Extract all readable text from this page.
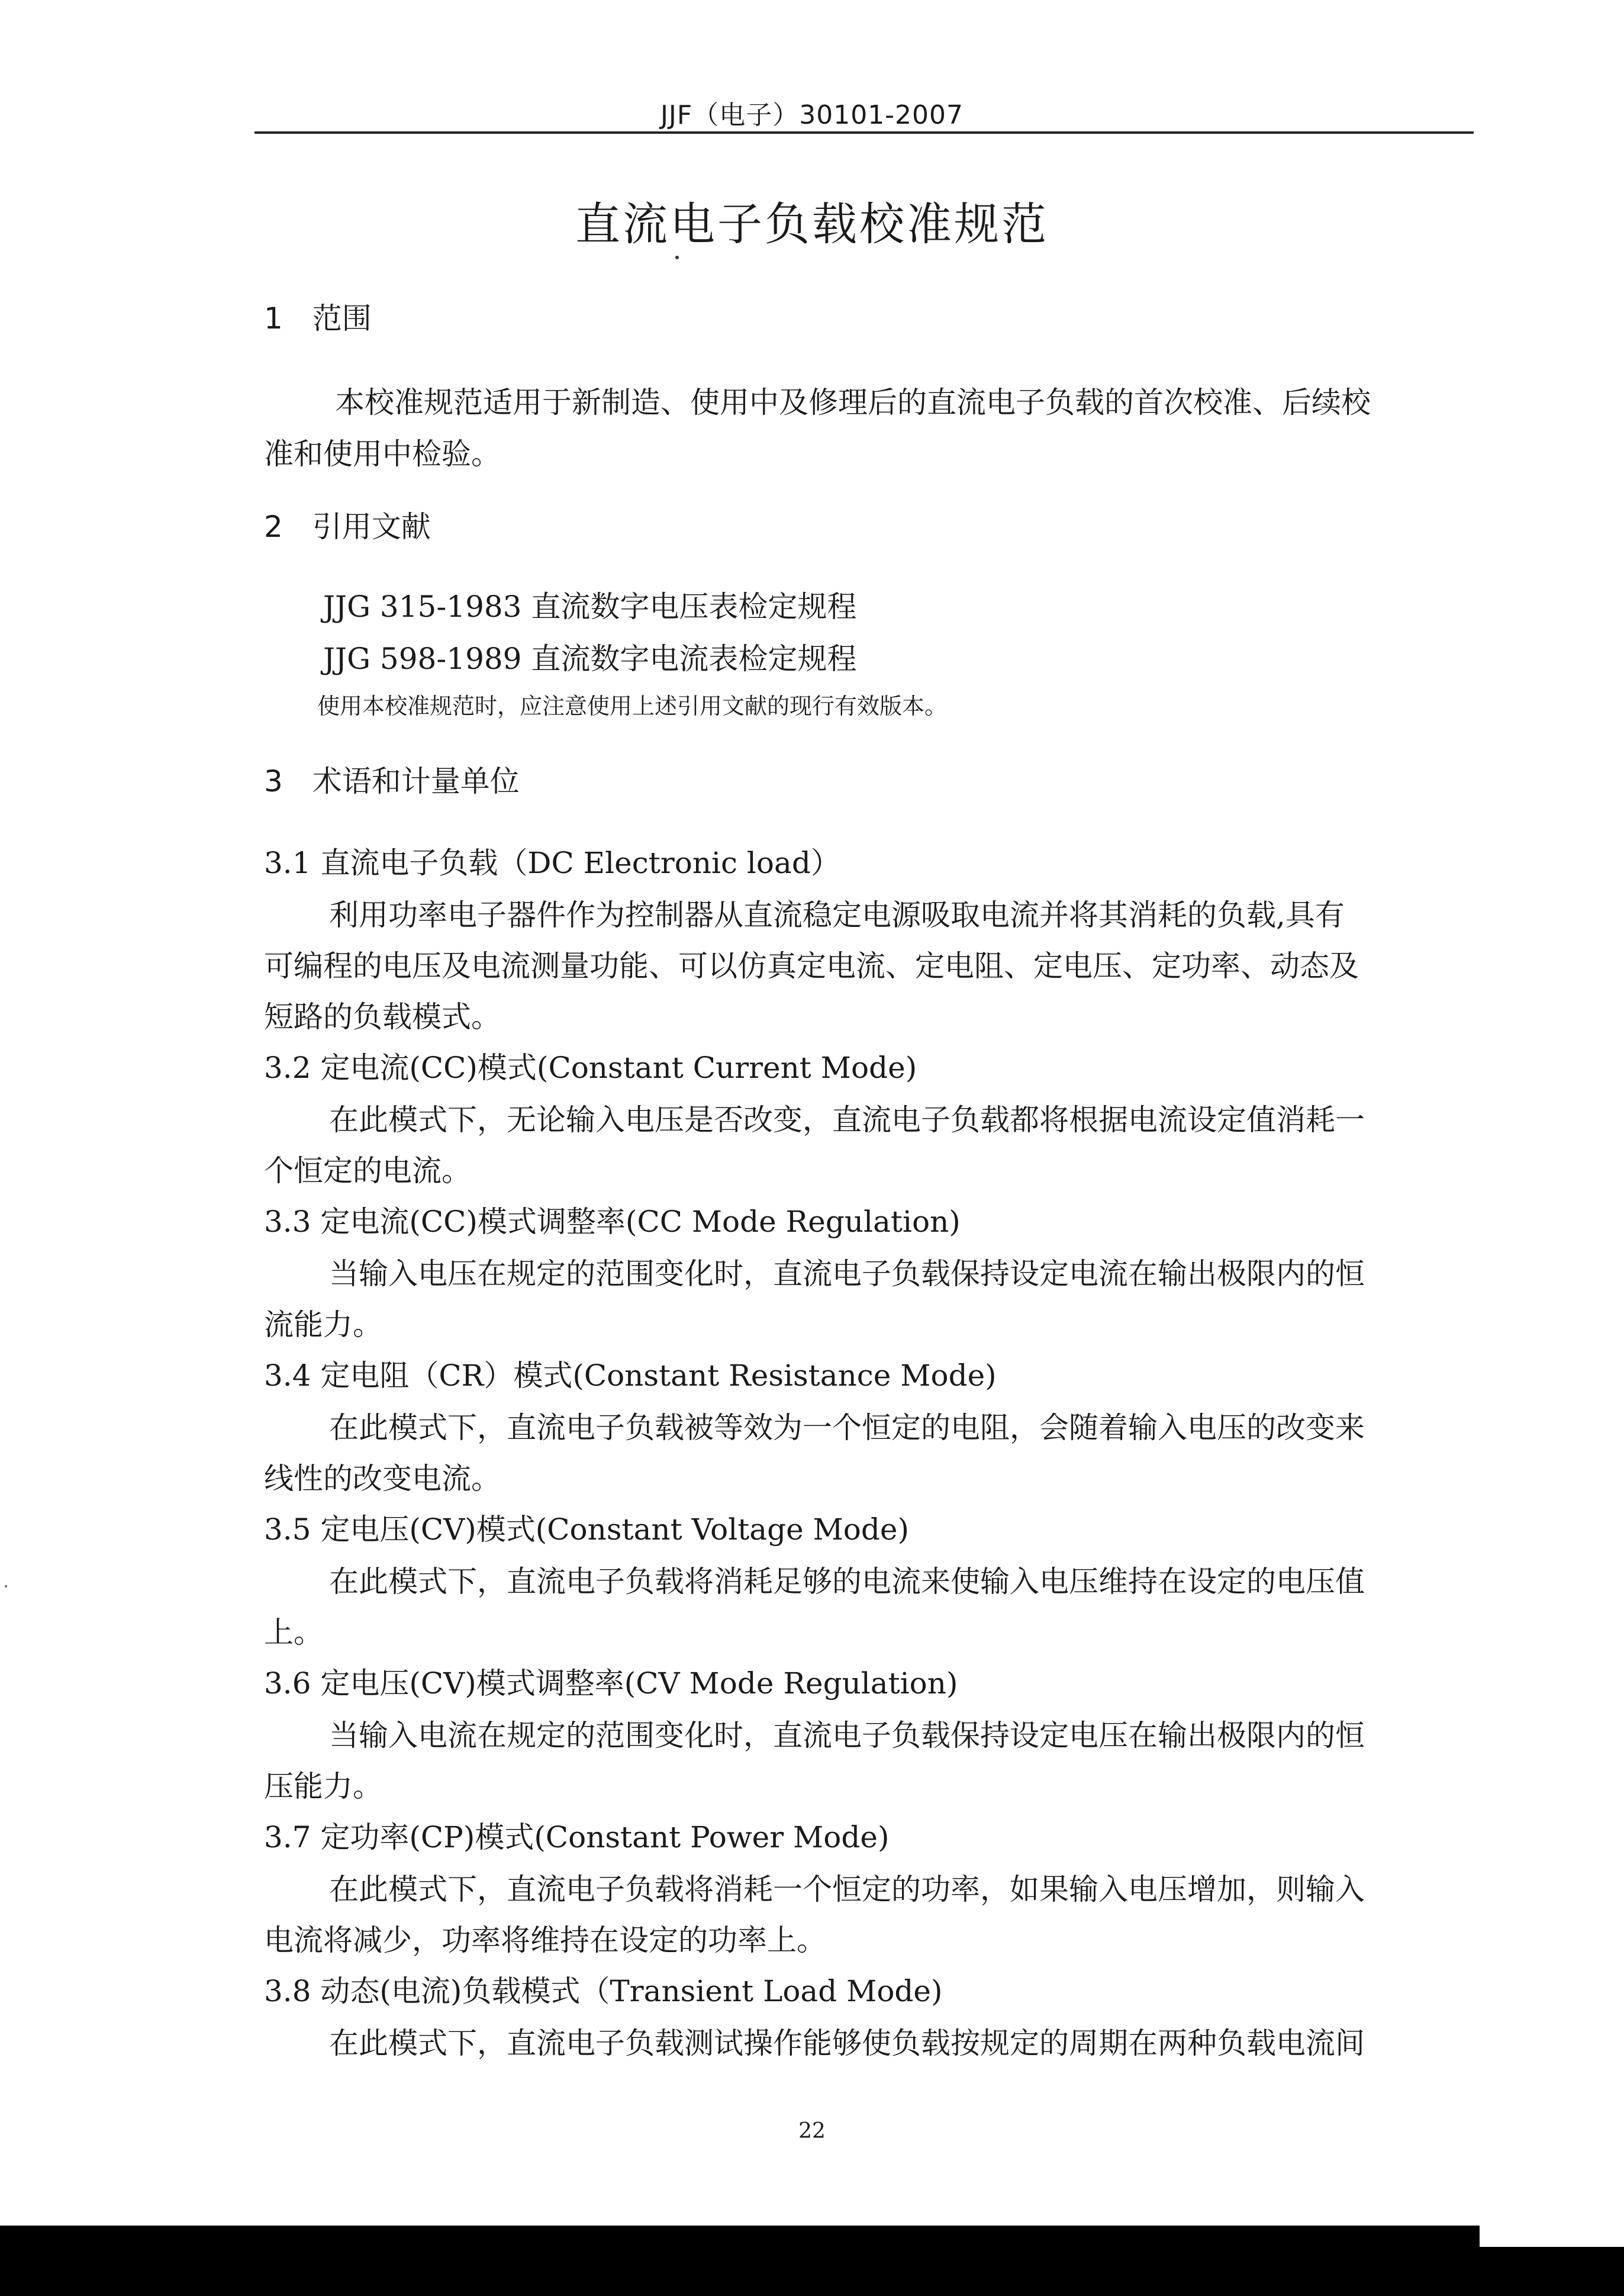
JJF（电子）30101-2007
直流电子负载校准规范
1　范围
本校准规范适用于新制造、使用中及修理后的直流电子负载的首次校准、后续校
准和使用中检验。
2　引用文献
JJG 315-1983 直流数字电压表检定规程
JJG 598-1989 直流数字电流表检定规程
使用本校准规范时，应注意使用上述引用文献的现行有效版本。
3　术语和计量单位
3.1 直流电子负载（DC Electronic load）
利用功率电子器件作为控制器从直流稳定电源吸取电流并将其消耗的负载,具有
可编程的电压及电流测量功能、可以仿真定电流、定电阻、定电压、定功率、动态及
短路的负载模式。
3.2 定电流(CC)模式(Constant Current Mode)
在此模式下，无论输入电压是否改变，直流电子负载都将根据电流设定值消耗一
个恒定的电流。
3.3 定电流(CC)模式调整率(CC Mode Regulation)
当输入电压在规定的范围变化时，直流电子负载保持设定电流在输出极限内的恒
流能力。
3.4 定电阻（CR）模式(Constant Resistance Mode)
在此模式下，直流电子负载被等效为一个恒定的电阻，会随着输入电压的改变来
线性的改变电流。
3.5 定电压(CV)模式(Constant Voltage Mode)
在此模式下，直流电子负载将消耗足够的电流来使输入电压维持在设定的电压值
上。
3.6 定电压(CV)模式调整率(CV Mode Regulation)
当输入电流在规定的范围变化时，直流电子负载保持设定电压在输出极限内的恒
压能力。
3.7 定功率(CP)模式(Constant Power Mode)
在此模式下，直流电子负载将消耗一个恒定的功率，如果输入电压增加，则输入
电流将减少，功率将维持在设定的功率上。
3.8 动态(电流)负载模式（Transient Load Mode)
在此模式下，直流电子负载测试操作能够使负载按规定的周期在两种负载电流间
22
